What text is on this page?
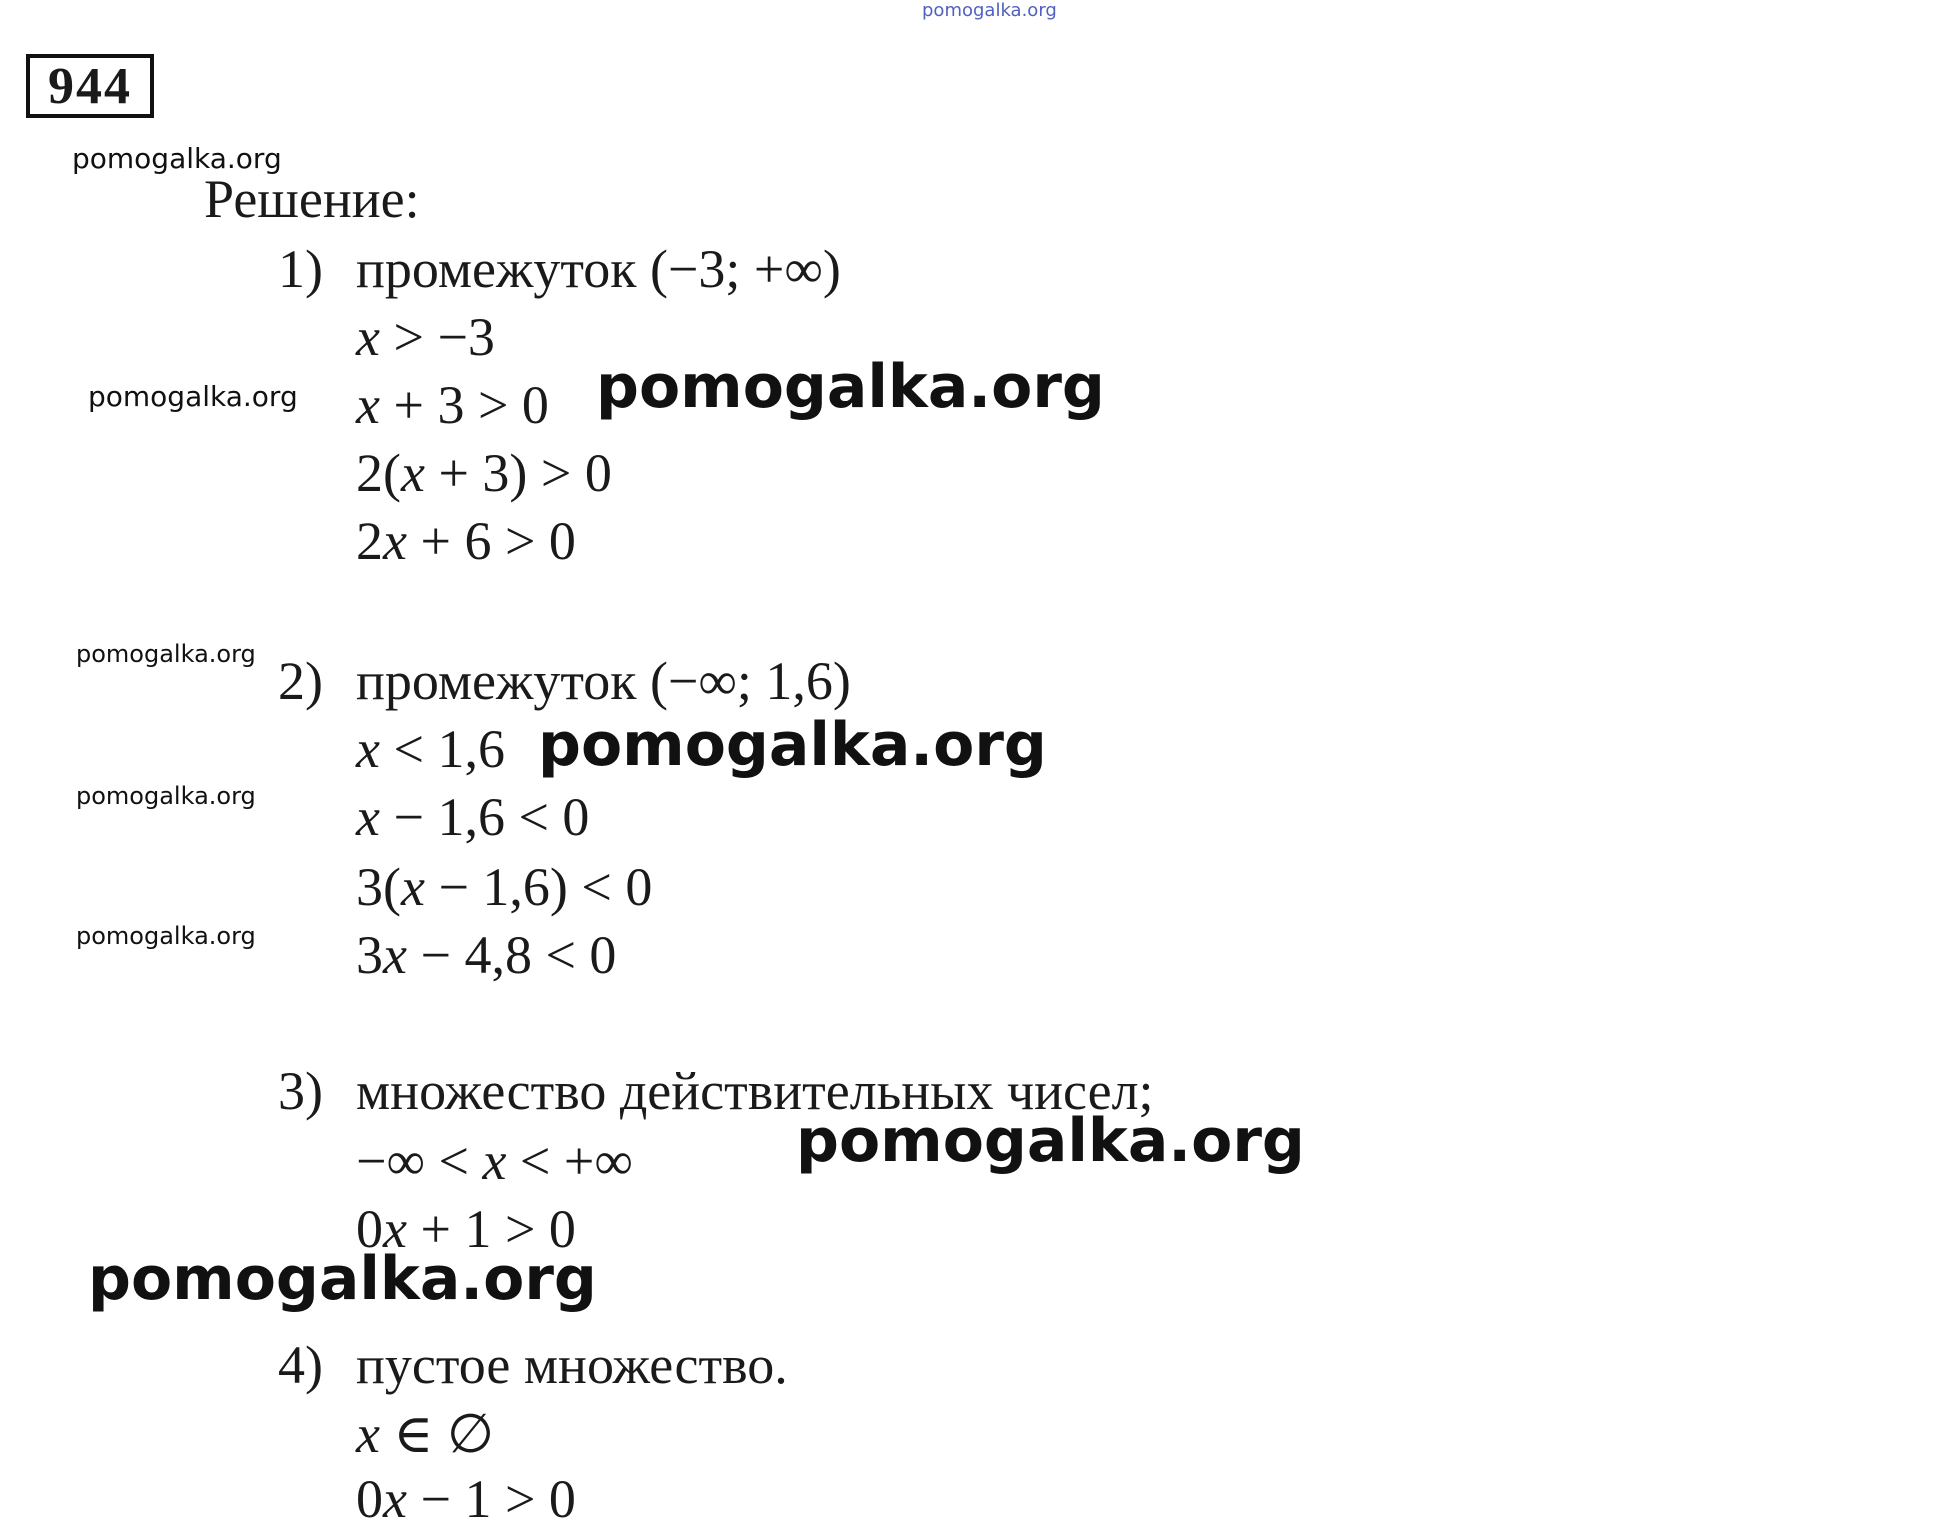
pomogalka.org
944
pomogalka.org
pomogalka.org
pomogalka.org
pomogalka.org
pomogalka.org
Решение:
1) промежуток (−3; +∞)
x > −3
x + 3 > 0
2(x + 3) > 0
2x + 6 > 0
2) промежуток (−∞; 1,6)
x < 1,6
x − 1,6 < 0
3(x − 1,6) < 0
3x − 4,8 < 0
3) множество действительных чисел;
−∞ < x < +∞
0x + 1 > 0
4) пустое множество.
x ∈ ∅
0x − 1 > 0
pomogalka.org
pomogalka.org
pomogalka.org
pomogalka.org
